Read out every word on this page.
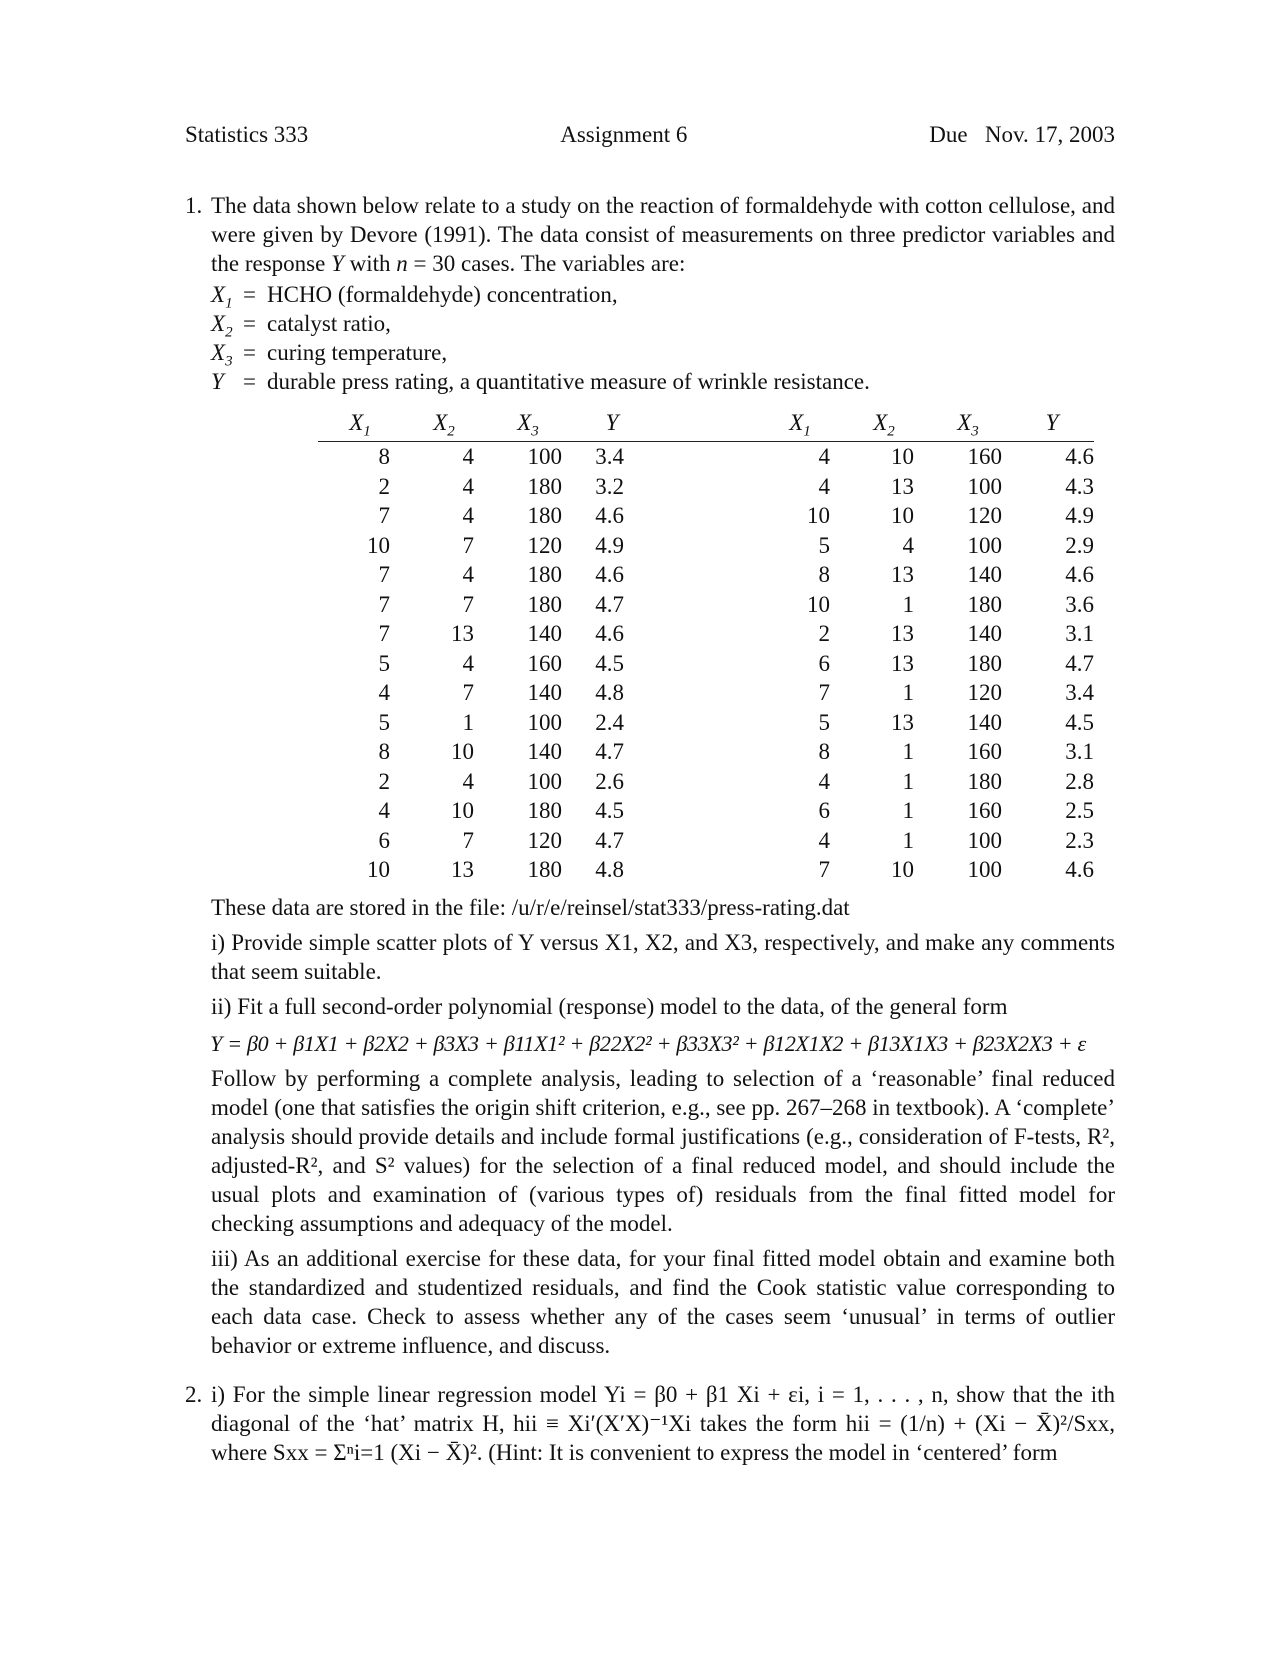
Statistics 333	Assignment 6	Due   Nov. 17, 2003
1. The data shown below relate to a study on the reaction of formaldehyde with cotton cellulose, and were given by Devore (1991). The data consist of measurements on three predictor variables and the response Y with n = 30 cases. The variables are:

$X_1$ = HCHO (formaldehyde) concentration,
$X_2$ = catalyst ratio,
$X_3$ = curing temperature,
Y = durable press rating, a quantitative measure of wrinkle resistance.
$X_1$	$X_2$	$X_3$	Y		$X_1$	$X_2$	$X_3$	Y
8	4	100	3.4		4	10	160	4.6
2	4	180	3.2		4	13	100	4.3
7	4	180	4.6		10	10	120	4.9
10	7	120	4.9		5	4	100	2.9
7	4	180	4.6		8	13	140	4.6
7	7	180	4.7		10	1	180	3.6
7	13	140	4.6		2	13	140	3.1
5	4	160	4.5		6	13	180	4.7
4	7	140	4.8		7	1	120	3.4
5	1	100	2.4		5	13	140	4.5
8	10	140	4.7		8	1	160	3.1
2	4	100	2.6		4	1	180	2.8
4	10	180	4.5		6	1	160	2.5
6	7	120	4.7		4	1	100	2.3
10	13	180	4.8		7	10	100	4.6

These data are stored in the file: /u/r/e/reinsel/stat333/press-rating.dat

i) Provide simple scatter plots of Y versus X1, X2, and X3, respectively, and make any comments that seem suitable.

ii) Fit a full second-order polynomial (response) model to the data, of the general form

Y = β0 + β1X1 + β2X2 + β3X3 + β11X1² + β22X2² + β33X3² + β12X1X2 + β13X1X3 + β23X2X3 + ε

Follow by performing a complete analysis, leading to selection of a ‘reasonable’ final reduced model (one that satisfies the origin shift criterion, e.g., see pp. 267–268 in textbook). A ‘complete’ analysis should provide details and include formal justifications (e.g., consideration of F-tests, R², adjusted-R², and S² values) for the selection of a final reduced model, and should include the usual plots and examination of (various types of) residuals from the final fitted model for checking assumptions and adequacy of the model.

iii) As an additional exercise for these data, for your final fitted model obtain and examine both the standardized and studentized residuals, and find the Cook statistic value corresponding to each data case. Check to assess whether any of the cases seem ‘unusual’ in terms of outlier behavior or extreme influence, and discuss.

2. i) For the simple linear regression model Yi = β0 + β1 Xi + εi, i = 1, . . . , n, show that the ith diagonal of the ‘hat’ matrix H, hii ≡ Xi′(X′X)⁻¹Xi takes the form hii = (1/n) + (Xi − X̄)²/Sxx, where Sxx = Σⁿi=1 (Xi − X̄)². (Hint: It is convenient to express the model in ‘centered’ form
